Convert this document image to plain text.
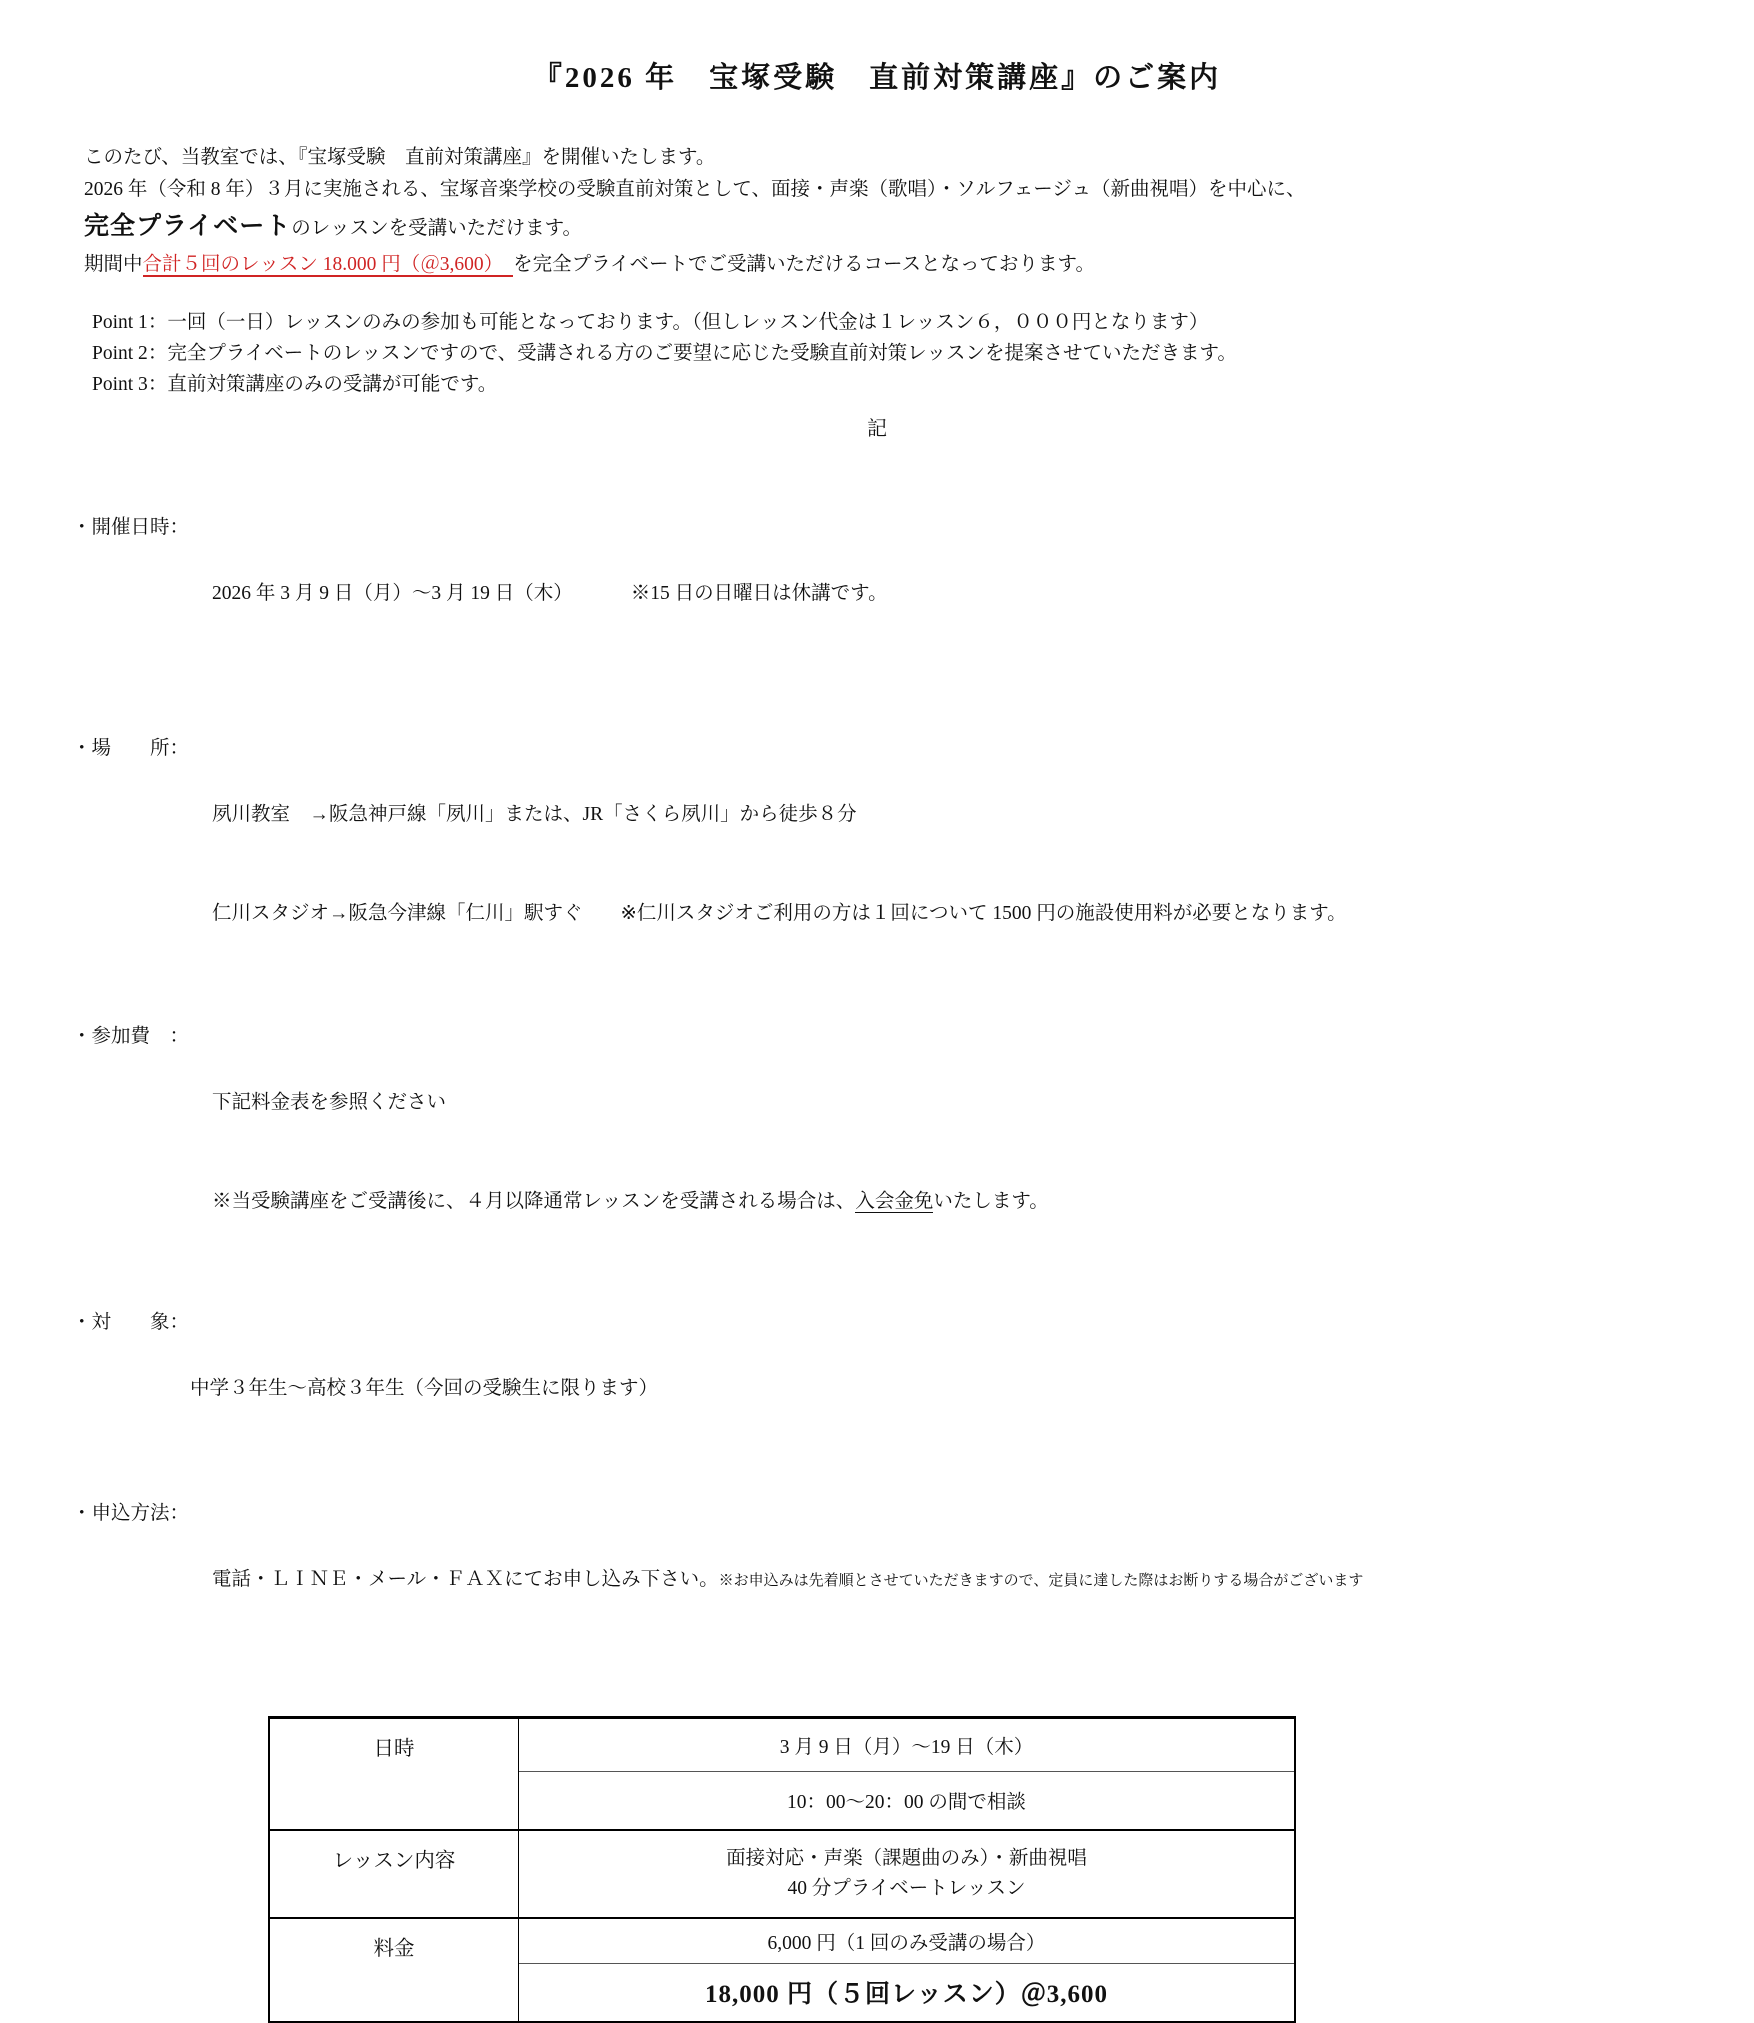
『2026 年　宝塚受験　直前対策講座』のご案内

このたび、当教室では、『宝塚受験　直前対策講座』を開催いたします。

2026 年（令和 8 年）３月に実施される、宝塚音楽学校の受験直前対策として、面接・声楽（歌唱）・ソルフェージュ（新曲視唱）を中心に、

完全プライベートのレッスンを受講いただけます。

期間中合計５回のレッスン 18.000 円（＠3,600） を完全プライベートでご受講いただけるコースとなっております。

Point 1：一回（一日）レッスンのみの参加も可能となっております。（但しレッスン代金は１レッスン６，０００円となります）

Point 2：完全プライベートのレッスンですので、受講される方のご要望に応じた受験直前対策レッスンを提案させていただきます。

Point 3：直前対策講座のみの受講が可能です。

記
・開催日時：

2026 年 3 月 9 日（月）～3 月 19 日（木）	※15 日の日曜日は休講です。

・場　　所：

夙川教室　→阪急神戸線「夙川」または、JR「さくら夙川」から徒歩８分

仁川スタジオ→阪急今津線「仁川」駅すぐ ※仁川スタジオご利用の方は１回について 1500 円の施設使用料が必要となります。

・参加費　：

下記料金表を参照ください

※当受験講座をご受講後に、４月以降通常レッスンを受講される場合は、入会金免いたします。

・対　　象：

中学３年生～高校３年生（今回の受験生に限ります）

・申込方法：

電話・ＬＩＮＥ・メール・ＦＡＸにてお申し込み下さい。※お申込みは先着順とさせていただきますので、定員に達した際はお断りする場合がございます

日時	3 月 9 日（月）～19 日（木）
	10：00～20：00 の間で相談
レッスン内容	面接対応・声楽（課題曲のみ）・新曲視唱
40 分プライベートレッスン

料金	6,000 円（1 回のみ受講の場合）
	18,000 円（５回レッスン）＠3,600
